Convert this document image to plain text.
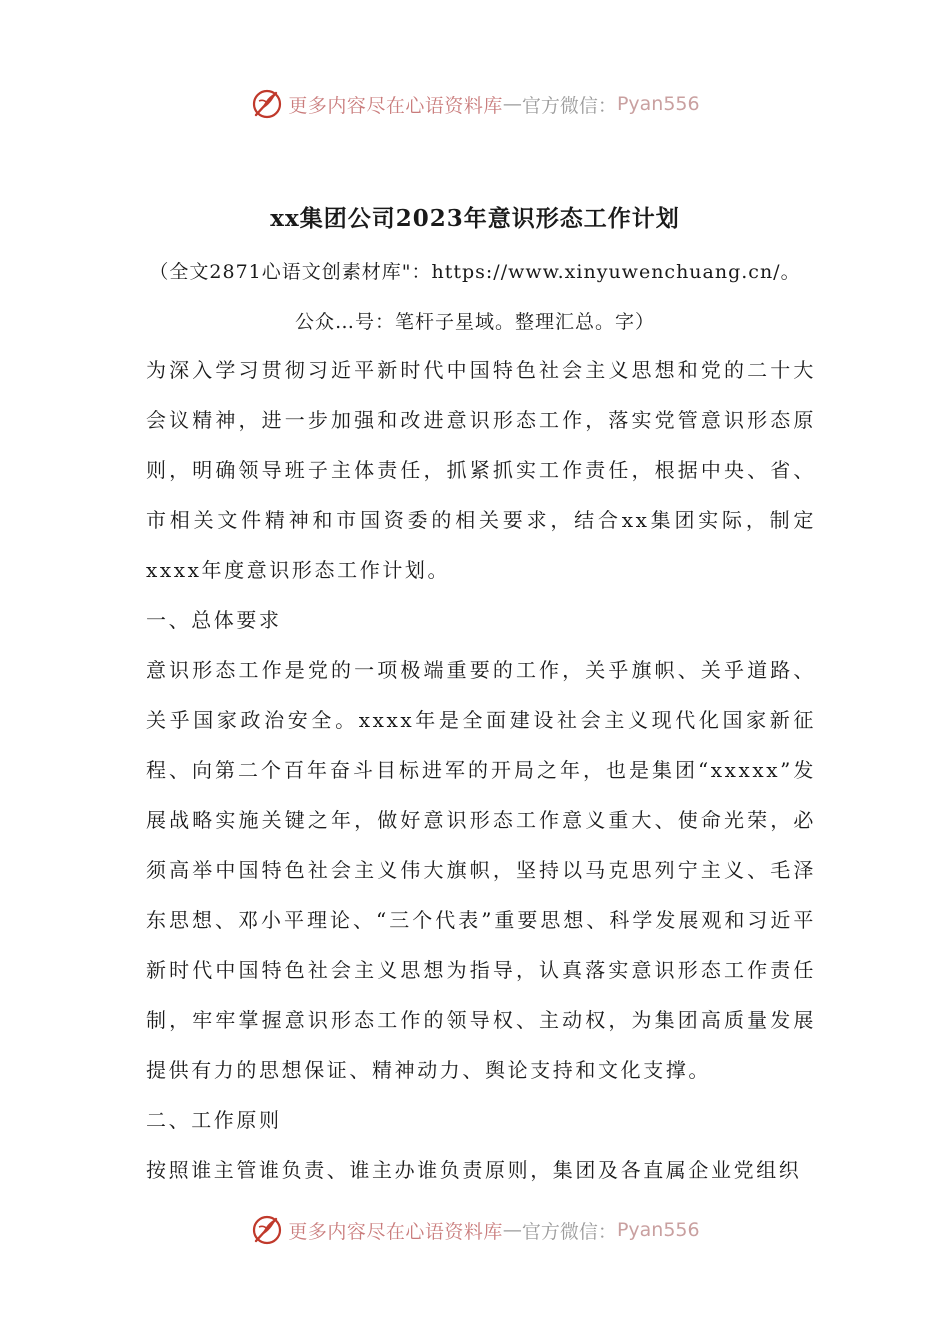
更多内容尽在心语资料库 — 官方微信： Pyan556
xx集团公司2023年意识形态工作计划
（全文2871心语文创素材库"：https://www.xinyuwenchuang.cn/。
公众…号：笔杆子星域。整理汇总。字）

为深入学习贯彻习近平新时代中国特色社会主义思想和党的二十大会议精神，进一步加强和改进意识形态工作，落实党管意识形态原则，明确领导班子主体责任，抓紧抓实工作责任，根据中央、省、市相关文件精神和市国资委的相关要求，结合xx集团实际，制定xxxx年度意识形态工作计划。

一、总体要求

意识形态工作是党的一项极端重要的工作，关乎旗帜、关乎道路、关乎国家政治安全。xxxx年是全面建设社会主义现代化国家新征程、向第二个百年奋斗目标进军的开局之年，也是集团“xxxxx”发展战略实施关键之年，做好意识形态工作意义重大、使命光荣，必须高举中国特色社会主义伟大旗帜，坚持以马克思列宁主义、毛泽东思想、邓小平理论、“三个代表”重要思想、科学发展观和习近平新时代中国特色社会主义思想为指导，认真落实意识形态工作责任制，牢牢掌握意识形态工作的领导权、主动权，为集团高质量发展提供有力的思想保证、精神动力、舆论支持和文化支撑。

二、工作原则

按照谁主管谁负责、谁主办谁负责原则，集团及各直属企业党组织

更多内容尽在心语资料库 — 官方微信： Pyan556
